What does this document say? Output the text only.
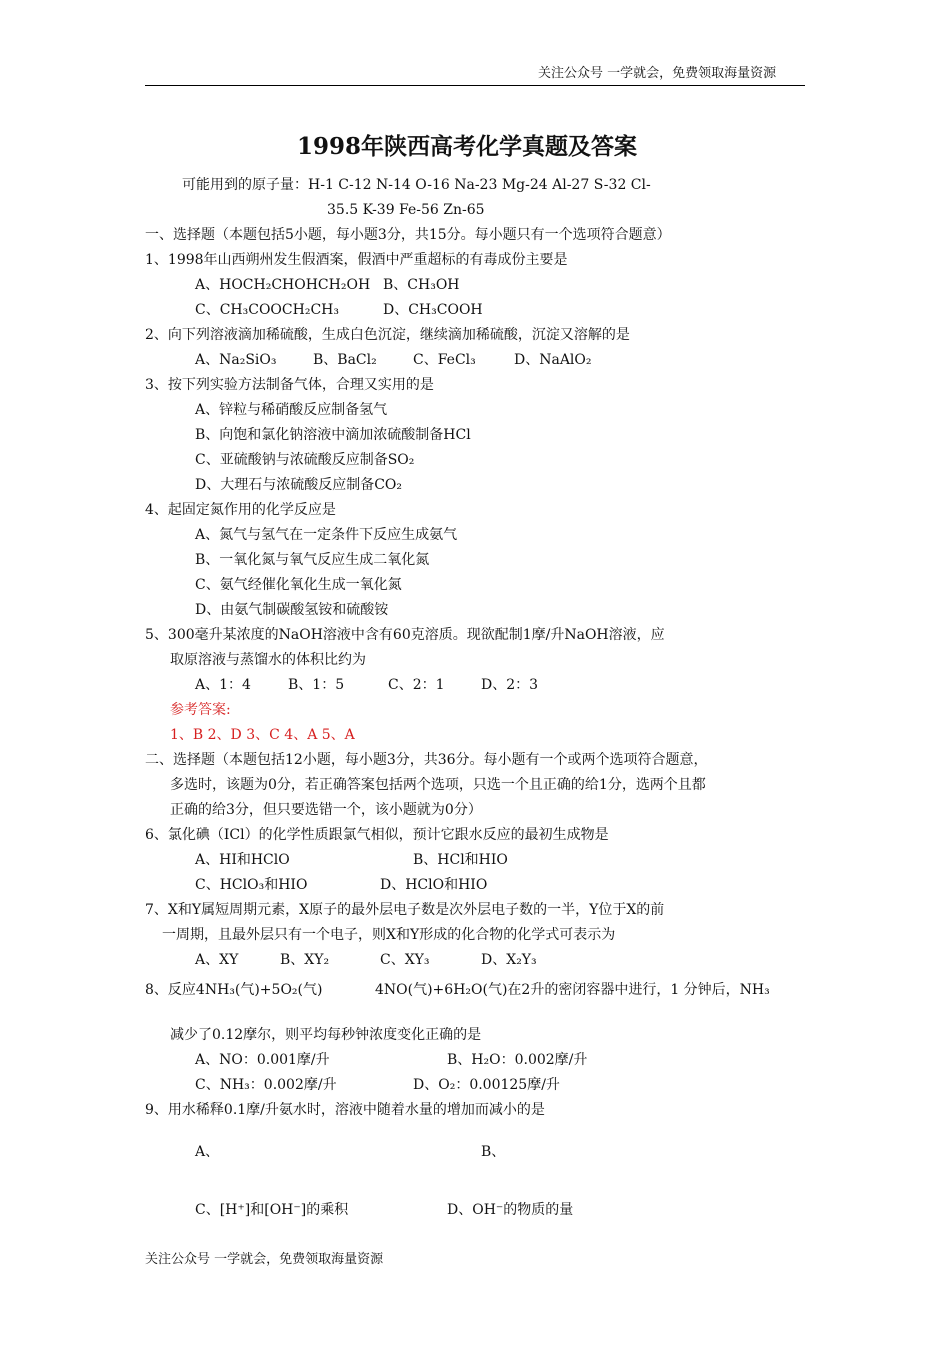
关注公众号 一学就会，免费领取海量资源
1998年陕西高考化学真题及答案
可能用到的原子量：H-1 C-12 N-14 O-16 Na-23 Mg-24 Al-27 S-32 Cl-
35.5 K-39 Fe-56 Zn-65
一、选择题（本题包括5小题，每小题3分，共15分。每小题只有一个选项符合题意）
1、1998年山西朔州发生假酒案，假酒中严重超标的有毒成份主要是
A、HOCH₂CHOHCH₂OH B、CH₃OH
C、CH₃COOCH₂CH₃	D、CH₃COOH
2、向下列溶液滴加稀硫酸，生成白色沉淀，继续滴加稀硫酸，沉淀又溶解的是
A、Na₂SiO₃	B、BaCl₂	C、FeCl₃	D、NaAlO₂
3、按下列实验方法制备气体，合理又实用的是
A、锌粒与稀硝酸反应制备氢气
B、向饱和氯化钠溶液中滴加浓硫酸制备HCl
C、亚硫酸钠与浓硫酸反应制备SO₂
D、大理石与浓硫酸反应制备CO₂
4、起固定氮作用的化学反应是
A、氮气与氢气在一定条件下反应生成氨气
B、一氧化氮与氧气反应生成二氧化氮
C、氨气经催化氧化生成一氧化氮
D、由氨气制碳酸氢铵和硫酸铵
5、300毫升某浓度的NaOH溶液中含有60克溶质。现欲配制1摩/升NaOH溶液，应
取原溶液与蒸馏水的体积比约为
A、1：4	B、1：5	C、2：1	D、2：3
参考答案:
1、B 2、D 3、C 4、A 5、A
二、选择题（本题包括12小题，每小题3分，共36分。每小题有一个或两个选项符合题意，
多选时，该题为0分，若正确答案包括两个选项，只选一个且正确的给1分，选两个且都
正确的给3分，但只要选错一个，该小题就为0分）
6、氯化碘（ICl）的化学性质跟氯气相似，预计它跟水反应的最初生成物是
A、HI和HClO	B、HCl和HIO
C、HClO₃和HIO	D、HClO和HIO
7、X和Y属短周期元素，X原子的最外层电子数是次外层电子数的一半，Y位于X的前
一周期，且最外层只有一个电子，则X和Y形成的化合物的化学式可表示为
A、XY	B、XY₂	C、XY₃	D、X₂Y₃
8、反应4NH₃(气)+5O₂(气)	4NO(气)+6H₂O(气)在2升的密闭容器中进行，1 分钟后，NH₃
减少了0.12摩尔，则平均每秒钟浓度变化正确的是
A、NO：0.001摩/升	B、H₂O：0.002摩/升
C、NH₃：0.002摩/升	D、O₂：0.00125摩/升
9、用水稀释0.1摩/升氨水时，溶液中随着水量的增加而减小的是
A、	B、
C、[H⁺]和[OH⁻]的乘积	D、OH⁻的物质的量
关注公众号 一学就会，免费领取海量资源
